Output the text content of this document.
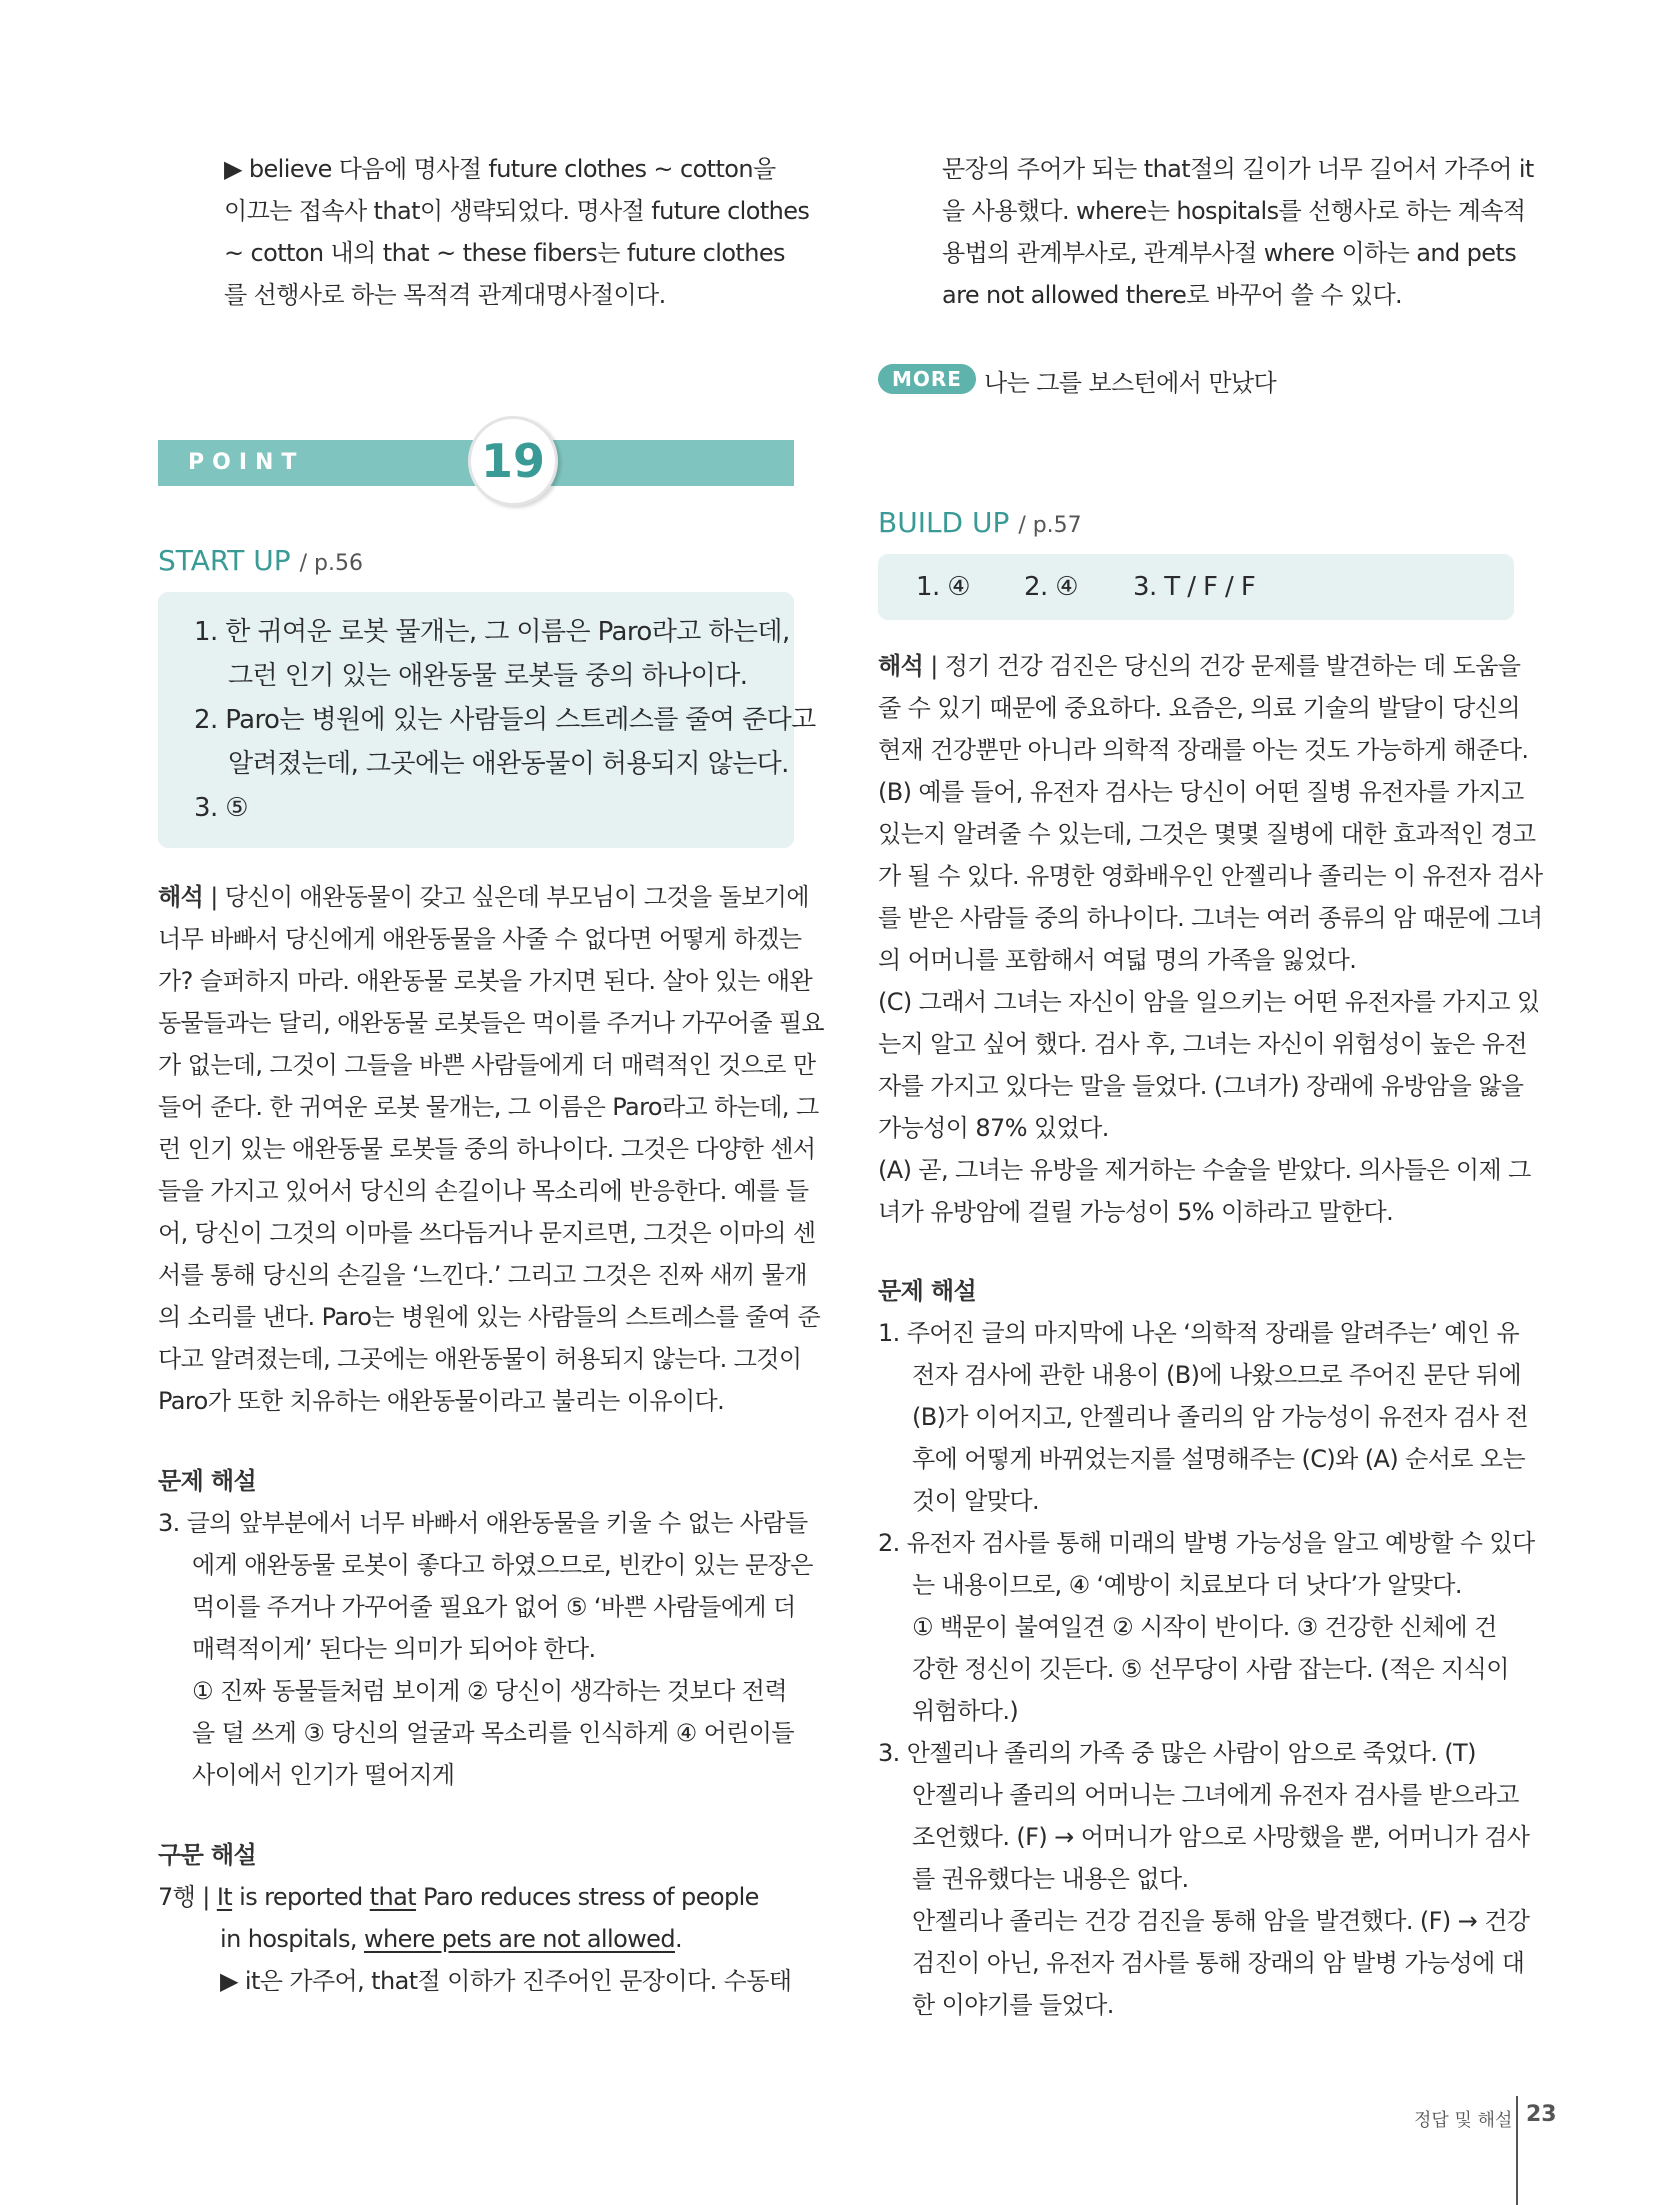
▶ believe 다음에 명사절 future clothes ~ cotton을
이끄는 접속사 that이 생략되었다. 명사절 future clothes
~ cotton 내의 that ~ these fibers는 future clothes
를 선행사로 하는 목적격 관계대명사절이다.
POINT	19
START UP / p.56
1. 한 귀여운 로봇 물개는, 그 이름은 Paro라고 하는데,
그런 인기 있는 애완동물 로봇들 중의 하나이다.
2. Paro는 병원에 있는 사람들의 스트레스를 줄여 준다고
알려졌는데, 그곳에는 애완동물이 허용되지 않는다.
3. ⑤
해석 | 당신이 애완동물이 갖고 싶은데 부모님이 그것을 돌보기에
너무 바빠서 당신에게 애완동물을 사줄 수 없다면 어떻게 하겠는
가? 슬퍼하지 마라. 애완동물 로봇을 가지면 된다. 살아 있는 애완
동물들과는 달리, 애완동물 로봇들은 먹이를 주거나 가꾸어줄 필요
가 없는데, 그것이 그들을 바쁜 사람들에게 더 매력적인 것으로 만
들어 준다. 한 귀여운 로봇 물개는, 그 이름은 Paro라고 하는데, 그
런 인기 있는 애완동물 로봇들 중의 하나이다. 그것은 다양한 센서
들을 가지고 있어서 당신의 손길이나 목소리에 반응한다. 예를 들
어, 당신이 그것의 이마를 쓰다듬거나 문지르면, 그것은 이마의 센
서를 통해 당신의 손길을 ‘느낀다.’ 그리고 그것은 진짜 새끼 물개
의 소리를 낸다. Paro는 병원에 있는 사람들의 스트레스를 줄여 준
다고 알려졌는데, 그곳에는 애완동물이 허용되지 않는다. 그것이
Paro가 또한 치유하는 애완동물이라고 불리는 이유이다.
문제 해설
3. 글의 앞부분에서 너무 바빠서 애완동물을 키울 수 없는 사람들
에게 애완동물 로봇이 좋다고 하였으므로, 빈칸이 있는 문장은
먹이를 주거나 가꾸어줄 필요가 없어 ⑤ ‘바쁜 사람들에게 더
매력적이게’ 된다는 의미가 되어야 한다.
① 진짜 동물들처럼 보이게 ② 당신이 생각하는 것보다 전력
을 덜 쓰게 ③ 당신의 얼굴과 목소리를 인식하게 ④ 어린이들
사이에서 인기가 떨어지게
구문 해설
7행 | It is reported that Paro reduces stress of people
in hospitals, where pets are not allowed.
▶ it은 가주어, that절 이하가 진주어인 문장이다. 수동태
문장의 주어가 되는 that절의 길이가 너무 길어서 가주어 it
을 사용했다. where는 hospitals를 선행사로 하는 계속적
용법의 관계부사로, 관계부사절 where 이하는 and pets
are not allowed there로 바꾸어 쓸 수 있다.
MORE 나는 그를 보스턴에서 만났다
BUILD UP / p.57
1. ④ 2. ④ 3. T / F / F
해석 | 정기 건강 검진은 당신의 건강 문제를 발견하는 데 도움을
줄 수 있기 때문에 중요하다. 요즘은, 의료 기술의 발달이 당신의
현재 건강뿐만 아니라 의학적 장래를 아는 것도 가능하게 해준다.
(B) 예를 들어, 유전자 검사는 당신이 어떤 질병 유전자를 가지고
있는지 알려줄 수 있는데, 그것은 몇몇 질병에 대한 효과적인 경고
가 될 수 있다. 유명한 영화배우인 안젤리나 졸리는 이 유전자 검사
를 받은 사람들 중의 하나이다. 그녀는 여러 종류의 암 때문에 그녀
의 어머니를 포함해서 여덟 명의 가족을 잃었다.
(C) 그래서 그녀는 자신이 암을 일으키는 어떤 유전자를 가지고 있
는지 알고 싶어 했다. 검사 후, 그녀는 자신이 위험성이 높은 유전
자를 가지고 있다는 말을 들었다. (그녀가) 장래에 유방암을 앓을
가능성이 87% 있었다.
(A) 곧, 그녀는 유방을 제거하는 수술을 받았다. 의사들은 이제 그
녀가 유방암에 걸릴 가능성이 5% 이하라고 말한다.
문제 해설
1. 주어진 글의 마지막에 나온 ‘의학적 장래를 알려주는’ 예인 유
전자 검사에 관한 내용이 (B)에 나왔으므로 주어진 문단 뒤에
(B)가 이어지고, 안젤리나 졸리의 암 가능성이 유전자 검사 전
후에 어떻게 바뀌었는지를 설명해주는 (C)와 (A) 순서로 오는
것이 알맞다.
2. 유전자 검사를 통해 미래의 발병 가능성을 알고 예방할 수 있다
는 내용이므로, ④ ‘예방이 치료보다 더 낫다’가 알맞다.
① 백문이 불여일견 ② 시작이 반이다. ③ 건강한 신체에 건
강한 정신이 깃든다. ⑤ 선무당이 사람 잡는다. (적은 지식이
위험하다.)
3. 안젤리나 졸리의 가족 중 많은 사람이 암으로 죽었다. (T)
안젤리나 졸리의 어머니는 그녀에게 유전자 검사를 받으라고
조언했다. (F) → 어머니가 암으로 사망했을 뿐, 어머니가 검사
를 권유했다는 내용은 없다.
안젤리나 졸리는 건강 검진을 통해 암을 발견했다. (F) → 건강
검진이 아닌, 유전자 검사를 통해 장래의 암 발병 가능성에 대
한 이야기를 들었다.
정답 및 해설 23
